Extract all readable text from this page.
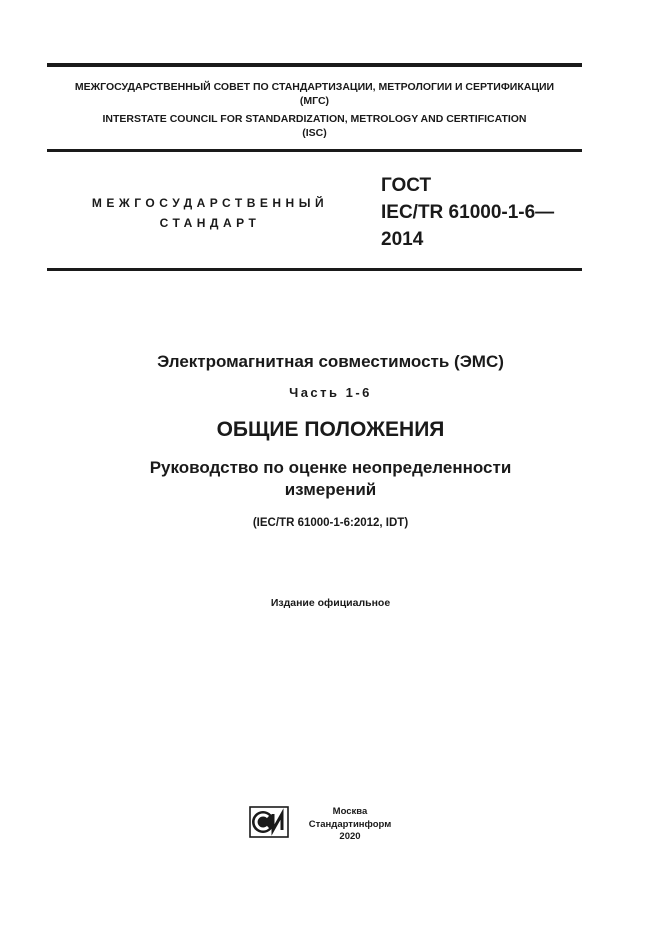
МЕЖГОСУДАРСТВЕННЫЙ СОВЕТ ПО СТАНДАРТИЗАЦИИ, МЕТРОЛОГИИ И СЕРТИФИКАЦИИ
(МГС)
INTERSTATE COUNCIL FOR STANDARDIZATION, METROLOGY AND CERTIFICATION
(ISC)
МЕЖГОСУДАРСТВЕННЫЙ
СТАНДАРТ
ГОСТ
IEC/TR 61000-1-6—
2014
Электромагнитная совместимость (ЭМС)
Часть 1-6
ОБЩИЕ ПОЛОЖЕНИЯ
Руководство по оценке неопределенности
измерений
(IEC/TR 61000-1-6:2012, IDT)
Издание официальное
Москва
Стандартинформ
2020
